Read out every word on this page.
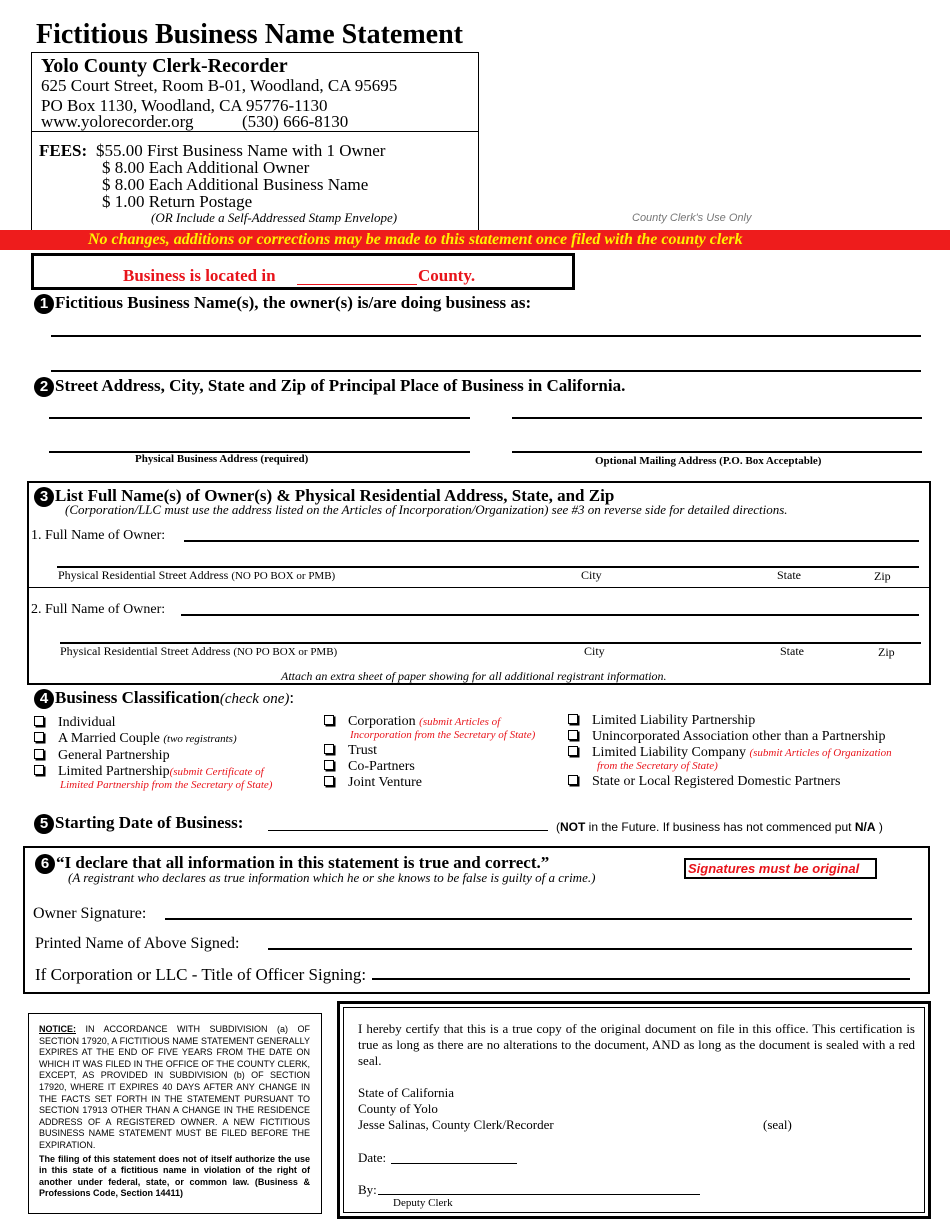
Fictitious Business Name Statement
Yolo County Clerk-Recorder
625 Court Street, Room B-01, Woodland, CA 95695
PO Box 1130, Woodland, CA 95776-1130
www.yolorecorder.org	(530) 666-8130
FEES: $55.00 First Business Name with 1 Owner
$ 8.00 Each Additional Owner
$ 8.00 Each Additional Business Name
$ 1.00 Return Postage
(OR Include a Self-Addressed Stamp Envelope)	County Clerk's Use Only
No changes, additions or corrections may be made to this statement once filed with the county clerk
Business is located in	County.
1 Fictitious Business Name(s), the owner(s) is/are doing business as:
2 Street Address, City, State and Zip of Principal Place of Business in California.
Physical Business Address (required)	Optional Mailing Address (P.O. Box Acceptable)
3 List Full Name(s) of Owner(s) & Physical Residential Address, State, and Zip
(Corporation/LLC must use the address listed on the Articles of Incorporation/Organization) see #3 on reverse side for detailed directions.
1. Full Name of Owner:
Physical Residential Street Address (NO PO BOX or PMB)	City	State	Zip
2. Full Name of Owner:
Physical Residential Street Address (NO PO BOX or PMB)	City	State	Zip
Attach an extra sheet of paper showing for all additional registrant information.
4 Business Classification(check one):
Individual
A Married Couple (two registrants)
General Partnership
Limited Partnership(submit Certificate of
Limited Partnership from the Secretary of State)
Corporation (submit Articles of
Incorporation from the Secretary of State)
Trust
Co-Partners
Joint Venture
Limited Liability Partnership
Unincorporated Association other than a Partnership
Limited Liability Company (submit Articles of Organization
from the Secretary of State)
State or Local Registered Domestic Partners
5 Starting Date of Business:	(NOT in the Future. If business has not commenced put N/A )
6 “I declare that all information in this statement is true and correct.”
(A registrant who declares as true information which he or she knows to be false is guilty of a crime.)
Signatures must be original
Owner Signature:
Printed Name of Above Signed:
If Corporation or LLC - Title of Officer Signing:
NOTICE: IN ACCORDANCE WITH SUBDIVISION (a) OF SECTION 17920, A FICTITIOUS NAME STATEMENT GENERALLY EXPIRES AT THE END OF FIVE YEARS FROM THE DATE ON WHICH IT WAS FILED IN THE OFFICE OF THE COUNTY CLERK, EXCEPT, AS PROVIDED IN SUBDIVISION (b) OF SECTION 17920, WHERE IT EXPIRES 40 DAYS AFTER ANY CHANGE IN THE FACTS SET FORTH IN THE STATEMENT PURSUANT TO SECTION 17913 OTHER THAN A CHANGE IN THE RESIDENCE ADDRESS OF A REGISTERED OWNER. A NEW FICTITIOUS BUSINESS NAME STATEMENT MUST BE FILED BEFORE THE EXPIRATION.
The filing of this statement does not of itself authorize the use in this state of a fictitious name in violation of the right of another under federal, state, or common law. (Business & Professions Code, Section 14411)
I hereby certify that this is a true copy of the original document on file in this office. This certification is true as long as there are no alterations to the document, AND as long as the document is sealed with a red seal.
State of California
County of Yolo
Jesse Salinas, County Clerk/Recorder	(seal)
Date:
By:
Deputy Clerk
